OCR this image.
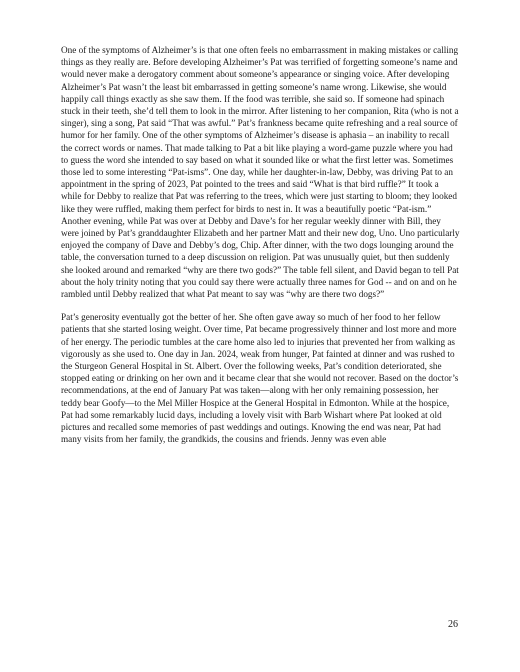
One of the symptoms of Alzheimer’s is that one often feels no embarrassment in making mistakes or calling things as they really are. Before developing Alzheimer’s Pat was terrified of forgetting someone’s name and would never make a derogatory comment about someone’s appearance or singing voice. After developing Alzheimer’s Pat wasn’t the least bit embarrassed in getting someone’s name wrong. Likewise, she would happily call things exactly as she saw them. If the food was terrible, she said so. If someone had spinach stuck in their teeth, she’d tell them to look in the mirror. After listening to her companion, Rita (who is not a singer), sing a song, Pat said “That was awful.” Pat’s frankness became quite refreshing and a real source of humor for her family. One of the other symptoms of Alzheimer’s disease is aphasia – an inability to recall the correct words or names. That made talking to Pat a bit like playing a word-game puzzle where you had to guess the word she intended to say based on what it sounded like or what the first letter was. Sometimes those led to some interesting “Pat-isms”. One day, while her daughter-in-law, Debby, was driving Pat to an appointment in the spring of 2023, Pat pointed to the trees and said “What is that bird ruffle?” It took a while for Debby to realize that Pat was referring to the trees, which were just starting to bloom; they looked like they were ruffled, making them perfect for birds to nest in. It was a beautifully poetic “Pat-ism.” Another evening, while Pat was over at Debby and Dave’s for her regular weekly dinner with Bill, they were joined by Pat’s granddaughter Elizabeth and her partner Matt and their new dog, Uno. Uno particularly enjoyed the company of Dave and Debby’s dog, Chip. After dinner, with the two dogs lounging around the table, the conversation turned to a deep discussion on religion. Pat was unusually quiet, but then suddenly she looked around and remarked “why are there two gods?” The table fell silent, and David began to tell Pat about the holy trinity noting that you could say there were actually three names for God -- and on and on he rambled until Debby realized that what Pat meant to say was “why are there two dogs?”

Pat’s generosity eventually got the better of her. She often gave away so much of her food to her fellow patients that she started losing weight. Over time, Pat became progressively thinner and lost more and more of her energy. The periodic tumbles at the care home also led to injuries that prevented her from walking as vigorously as she used to. One day in Jan. 2024, weak from hunger, Pat fainted at dinner and was rushed to the Sturgeon General Hospital in St. Albert. Over the following weeks, Pat’s condition deteriorated, she stopped eating or drinking on her own and it became clear that she would not recover. Based on the doctor’s recommendations, at the end of January Pat was taken—along with her only remaining possession, her teddy bear Goofy—to the Mel Miller Hospice at the General Hospital in Edmonton. While at the hospice, Pat had some remarkably lucid days, including a lovely visit with Barb Wishart where Pat looked at old pictures and recalled some memories of past weddings and outings. Knowing the end was near, Pat had many visits from her family, the grandkids, the cousins and friends. Jenny was even able

26
